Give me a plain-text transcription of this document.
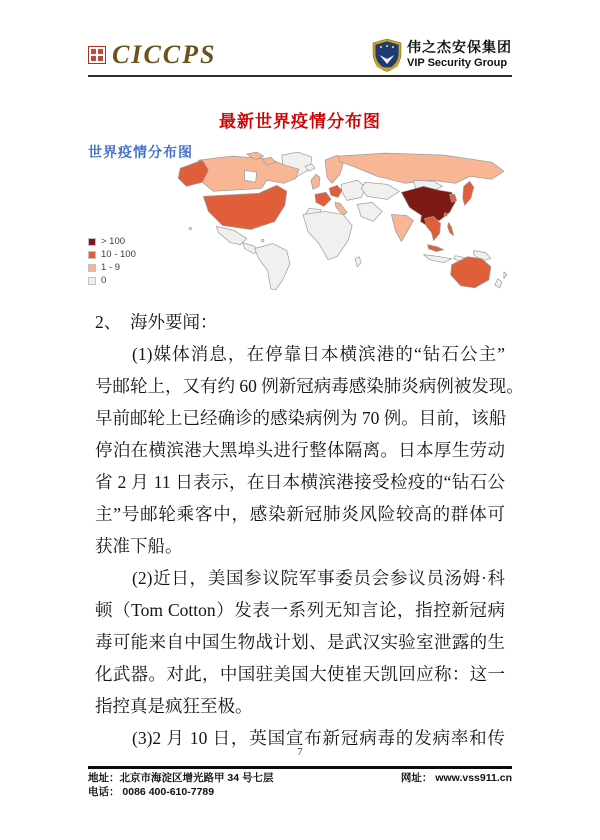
CICCPS	伟之杰安保集团
VIP Security Group
最新世界疫情分布图
世界疫情分布图
> 100
10 - 100
1 - 9
0
2、　海外要闻：
(1)媒体消息，在停靠日本横滨港的“钻石公主”
号邮轮上，又有约 60 例新冠病毒感染肺炎病例被发现。
早前邮轮上已经确诊的感染病例为 70 例。目前，该船
停泊在横滨港大黑埠头进行整体隔离。日本厚生劳动
省 2 月 11 日表示，在日本横滨港接受检疫的“钻石公
主”号邮轮乘客中，感染新冠肺炎风险较高的群体可
获准下船。
(2)近日，美国参议院军事委员会参议员汤姆·科
顿（Tom Cotton）发表一系列无知言论，指控新冠病
毒可能来自中国生物战计划、是武汉实验室泄露的生
化武器。对此，中国驻美国大使崔天凯回应称：这一
指控真是疯狂至极。
(3)2 月 10 日，英国宣布新冠病毒的发病率和传
7
地址：北京市海淀区增光路甲 34 号七层
电话： 0086 400-610-7789
网址： www.vss911.cn
